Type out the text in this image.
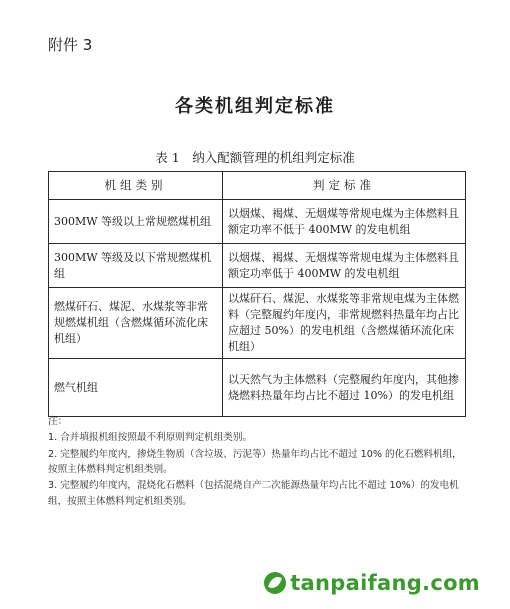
附件 3
各类机组判定标准
表 1　纳入配额管理的机组判定标准
机组类别	判定标准
300MW 等级以上常规燃煤机组	以烟煤、褐煤、无烟煤等常规电煤为主体燃料且额定功率不低于 400MW 的发电机组
300MW 等级及以下常规燃煤机组	以烟煤、褐煤、无烟煤等常规电煤为主体燃料且额定功率低于 400MW 的发电机组
燃煤矸石、煤泥、水煤浆等非常规燃煤机组（含燃煤循环流化床机组）	以煤矸石、煤泥、水煤浆等非常规电煤为主体燃料（完整履约年度内，非常规燃料热量年均占比应超过 50%）的发电机组（含燃煤循环流化床机组）
燃气机组	以天然气为主体燃料（完整履约年度内，其他掺烧燃料热量年均占比不超过 10%）的发电机组
注：
1. 合并填报机组按照最不利原则判定机组类别。
2. 完整履约年度内，掺烧生物质（含垃圾、污泥等）热量年均占比不超过 10% 的化石燃料机组，按照主体燃料判定机组类别。
3. 完整履约年度内，混烧化石燃料（包括混烧自产二次能源热量年均占比不超过 10%）的发电机组，按照主体燃料判定机组类别。
tanpaifang.com
